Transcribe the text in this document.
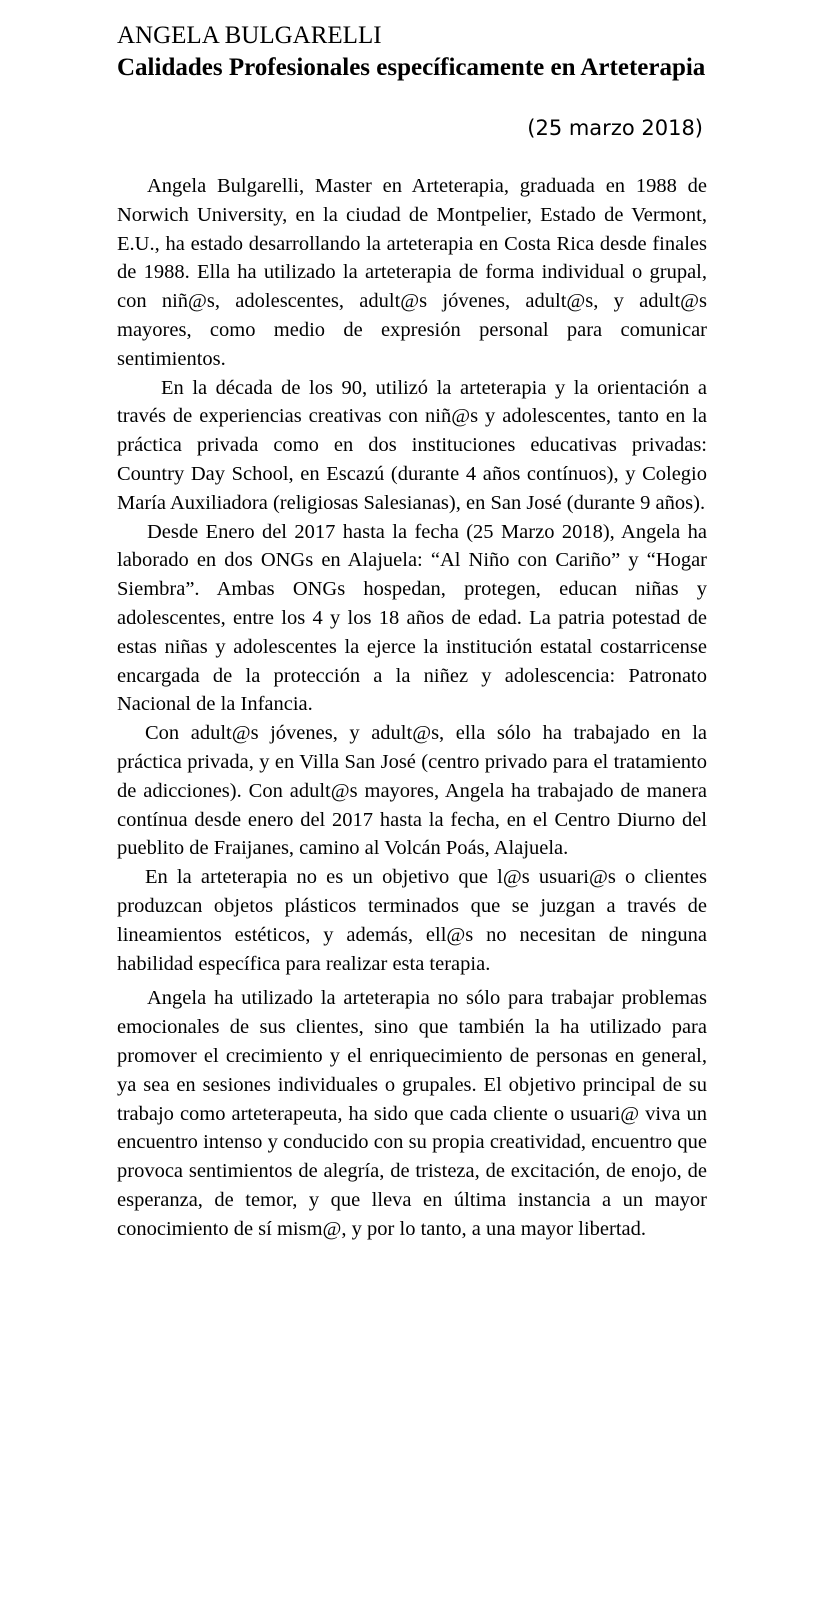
ANGELA BULGARELLI
Calidades Profesionales específicamente en Arteterapia
(25 marzo 2018)

Angela Bulgarelli, Master en Arteterapia, graduada en 1988 de Norwich University, en la ciudad de Montpelier, Estado de Vermont, E.U., ha estado desarrollando la arteterapia en Costa Rica desde finales de 1988. Ella ha utilizado la arteterapia de forma individual o grupal, con niñ@s, adolescentes, adult@s jóvenes, adult@s, y adult@s mayores, como medio de expresión personal para comunicar sentimientos.

En la década de los 90, utilizó la arteterapia y la orientación a través de experiencias creativas con niñ@s y adolescentes, tanto en la práctica privada como en dos instituciones educativas privadas: Country Day School, en Escazú (durante 4 años contínuos), y Colegio María Auxiliadora (religiosas Salesianas), en San José (durante 9 años).

Desde Enero del 2017 hasta la fecha (25 Marzo 2018), Angela ha laborado en dos ONGs en Alajuela: “Al Niño con Cariño” y “Hogar Siembra”. Ambas ONGs hospedan, protegen, educan niñas y adolescentes, entre los 4 y los 18 años de edad. La patria potestad de estas niñas y adolescentes la ejerce la institución estatal costarricense encargada de la protección a la niñez y adolescencia: Patronato Nacional de la Infancia.

Con adult@s jóvenes, y adult@s, ella sólo ha trabajado en la práctica privada, y en Villa San José (centro privado para el tratamiento de adicciones). Con adult@s mayores, Angela ha trabajado de manera contínua desde enero del 2017 hasta la fecha, en el Centro Diurno del pueblito de Fraijanes, camino al Volcán Poás, Alajuela.

En la arteterapia no es un objetivo que l@s usuari@s o clientes produzcan objetos plásticos terminados que se juzgan a través de lineamientos estéticos, y además, ell@s no necesitan de ninguna habilidad específica para realizar esta terapia.

Angela ha utilizado la arteterapia no sólo para trabajar problemas emocionales de sus clientes, sino que también la ha utilizado para promover el crecimiento y el enriquecimiento de personas en general, ya sea en sesiones individuales o grupales. El objetivo principal de su trabajo como arteterapeuta, ha sido que cada cliente o usuari@ viva un encuentro intenso y conducido con su propia creatividad, encuentro que provoca sentimientos de alegría, de tristeza, de excitación, de enojo, de esperanza, de temor, y que lleva en última instancia a un mayor conocimiento de sí mism@, y por lo tanto, a una mayor libertad.
